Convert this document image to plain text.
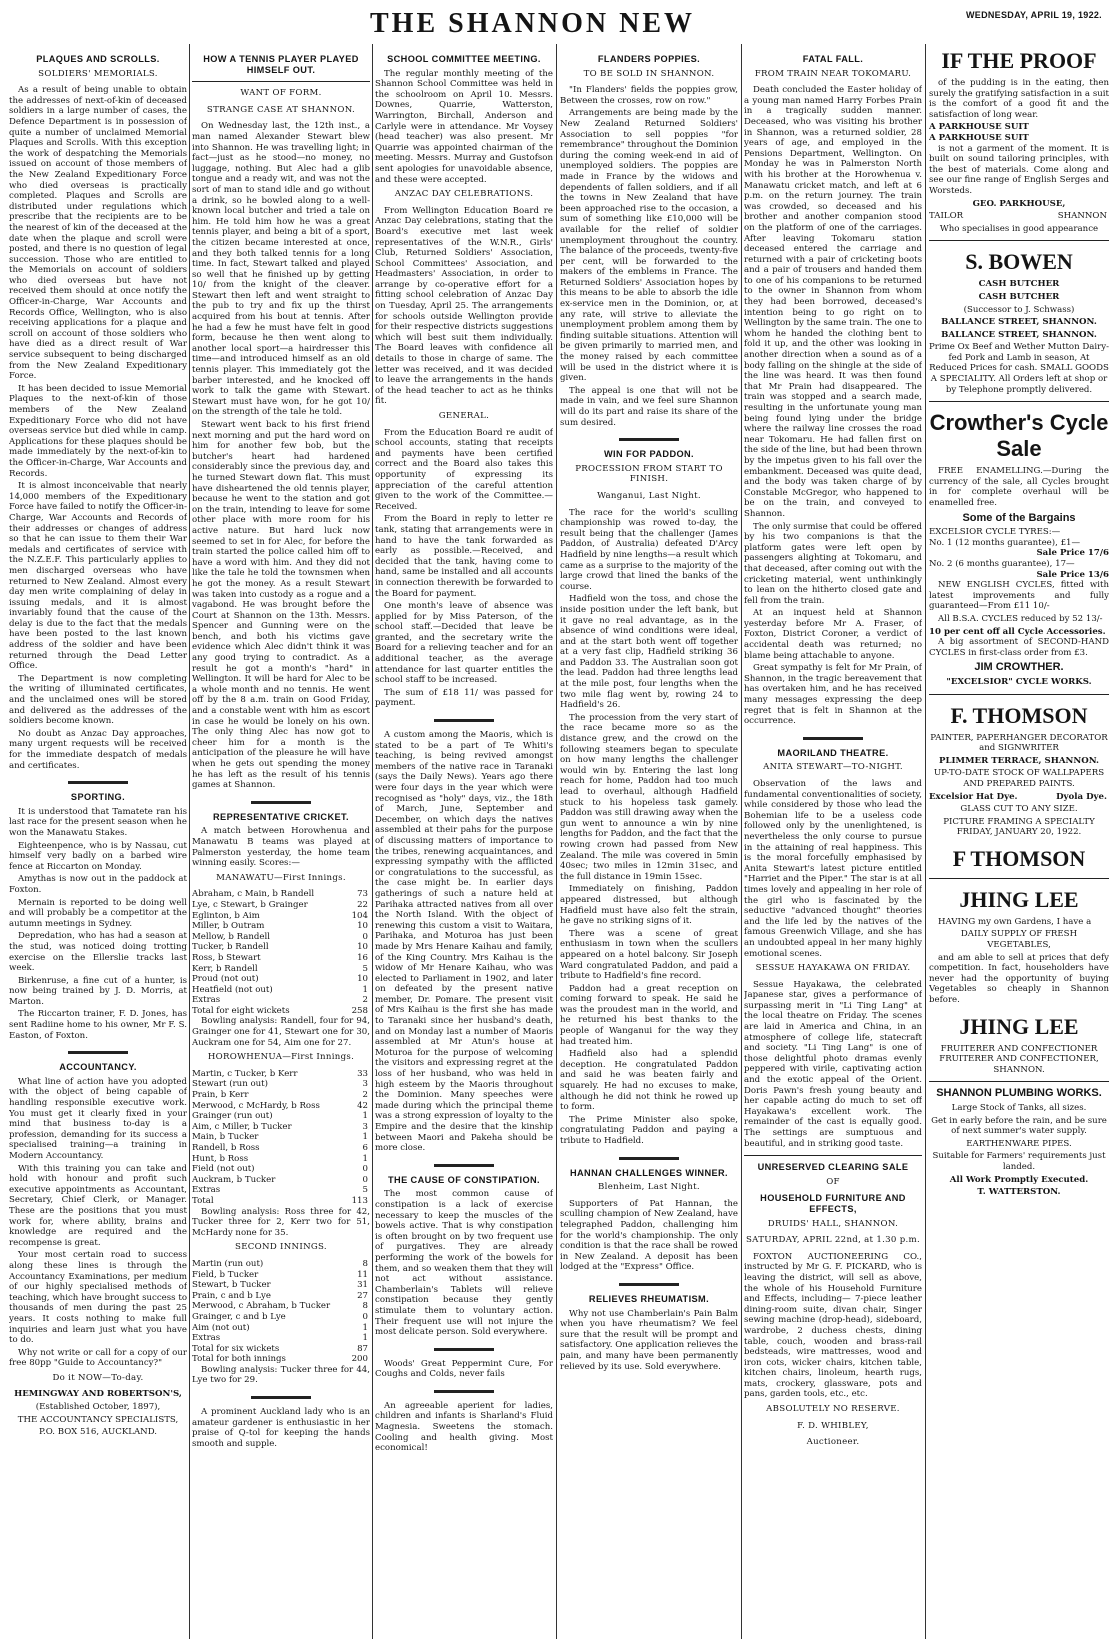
THE SHANNON NEW	WEDNESDAY, APRIL 19, 1922.
PLAQUES AND SCROLLS.
SOLDIERS' MEMORIALS.

As a result of being unable to obtain the addresses of next-of-kin of deceased soldiers in a large number of cases, the Defence Department is in possession of quite a number of unclaimed Memorial Plaques and Scrolls. With this exception the work of despatching the Memorials issued on account of those members of the New Zealand Expeditionary Force who died overseas is practically completed. Plaques and Scrolls are distributed under regulations which prescribe that the recipients are to be the nearest of kin of the deceased at the date when the plaque and scroll were posted, and there is no question of legal succession. Those who are entitled to the Memorials on account of soldiers who died overseas but have not received them should at once notify the Officer-in-Charge, War Accounts and Records Office, Wellington, who is also receiving applications for a plaque and scroll on account of those soldiers who have died as a direct result of War service subsequent to being discharged from the New Zealand Expeditionary Force.

It has been decided to issue Memorial Plaques to the next-of-kin of those members of the New Zealand Expeditionary Force who did not have overseas service but died while in camp. Applications for these plaques should be made immediately by the next-of-kin to the Officer-in-Charge, War Accounts and Records.

It is almost inconceivable that nearly 14,000 members of the Expeditionary Force have failed to notify the Officer-in-Charge, War Accounts and Records of their addresses or changes of address so that he can issue to them their War medals and certificates of service with the N.Z.E.F. This particularly applies to men discharged overseas who have returned to New Zealand. Almost every day men write complaining of delay in issuing medals, and it is almost invariably found that the cause of the delay is due to the fact that the medals have been posted to the last known address of the soldier and have been returned through the Dead Letter Office.

The Department is now completing the writing of illuminated certificates, and the unclaimed ones will be stored and delivered as the addresses of the soldiers become known.

No doubt as Anzac Day approaches, many urgent requests will be received for the immediate despatch of medals and certificates.

SPORTING.

It is understood that Tamatete ran his last race for the present season when he won the Manawatu Stakes.

Eighteenpence, who is by Nassau, cut himself very badly on a barbed wire fence at Riccarton on Monday.

Amythas is now out in the paddock at Foxton.

Mernain is reported to be doing well and will probably be a competitor at the autumn meetings in Sydney.

Depredation, who has had a season at the stud, was noticed doing trotting exercise on the Ellerslie tracks last week.

Birkenruse, a fine cut of a hunter, is now being trained by J. D. Morris, at Marton.

The Riccarton trainer, F. D. Jones, has sent Radiine home to his owner, Mr F. S. Easton, of Foxton.

ACCOUNTANCY.

What line of action have you adopted with the object of being capable of handling responsible executive work. You must get it clearly fixed in your mind that business to-day is a profession, demanding for its success a specialised training—a training in Modern Accountancy.

With this training you can take and hold with honour and profit such executive appointments as Accountant, Secretary, Chief Clerk, or Manager. These are the positions that you must work for, where ability, brains and knowledge are required and the recompense is great.

Your most certain road to success along these lines is through the Accountancy Examinations, per medium of our highly specialised methods of teaching, which have brought success to thousands of men during the past 25 years. It costs nothing to make full inquiries and learn just what you have to do.

Why not write or call for a copy of our free 80pp "Guide to Accountancy?"

Do it NOW—To-day.
HEMINGWAY AND ROBERTSON'S,
(Established October, 1897),
THE ACCOUNTANCY SPECIALISTS,
P.O. BOX 516, AUCKLAND.
HOW A TENNIS PLAYER PLAYED HIMSELF OUT.
WANT OF FORM.
STRANGE CASE AT SHANNON.

On Wednesday last, the 12th inst., a man named Alexander Stewart blew into Shannon. He was travelling light; in fact—just as he stood—no money, no luggage, nothing. But Alec had a glib tongue and a ready wit, and was not the sort of man to stand idle and go without a drink, so he bowled along to a well-known local butcher and tried a tale on him. He told him how he was a great tennis player, and being a bit of a sport, the citizen became interested at once, and they both talked tennis for a long time. In fact, Stewart talked and played so well that he finished up by getting 10/ from the knight of the cleaver. Stewart then left and went straight to the pub to try and fix up the thirst acquired from his bout at tennis. After he had a few he must have felt in good form, because he then went along to another local sport—a hairdresser this time—and introduced himself as an old tennis player. This immediately got the barber interested, and he knocked off work to talk the game with Stewart. Stewart must have won, for he got 10/ on the strength of the tale he told.

Stewart went back to his first friend next morning and put the hard word on him for another few bob, but the butcher's heart had hardened considerably since the previous day, and he turned Stewart down flat. This must have disheartened the old tennis player, because he went to the station and got on the train, intending to leave for some other place with more room for his active nature. But hard luck now seemed to set in for Alec, for before the train started the police called him off to have a word with him. And they did not like the tale he told the townsmen when he got the money. As a result Stewart was taken into custody as a rogue and a vagabond. He was brought before the Court at Shannon on the 13th. Messrs. Spencer and Gunning were on the bench, and both his victims gave evidence which Alec didn't think it was any good trying to contradict. As a result he got a month's "hard" in Wellington. It will be hard for Alec to be a whole month and no tennis. He went off by the 8 a.m. train on Good Friday, and a constable went with him as escort in case he would be lonely on his own. The only thing Alec has now got to cheer him for a month is the anticipation of the pleasure he will have when he gets out spending the money he has left as the result of his tennis games at Shannon.

REPRESENTATIVE CRICKET.

A match between Horowhenua and Manawatu B teams was played at Palmerston yesterday, the home team winning easily. Scores:—

MANAWATU—First Innings.
Abraham, c Main, b Randell	73
Lye, c Stewart, b Grainger	22
Eglinton, b Aim	104
Miller, b Outram	10
Mellow, b Randell	0
Tucker, b Randell	10
Ross, b Stewart	16
Kerr, b Randell	5
Proud (not out)	10
Heatfield (not out)	1
Extras	2
Total for eight wickets	258

Bowling analysis: Randell, four for 94, Grainger one for 41, Stewart one for 30, Auckram one for 54, Aim one for 27.

HOROWHENUA—First Innings.
Martin, c Tucker, b Kerr	33
Stewart (run out)	3
Prain, b Kerr	2
Merwood, c McHardy, b Ross	42
Grainger (run out)	1
Aim, c Miller, b Tucker	3
Main, b Tucker	1
Randell, b Ross	6
Hunt, b Ross	1
Field (not out)	0
Auckram, b Tucker	0
Extras	5
Total	113

Bowling analysis: Ross three for 42, Tucker three for 2, Kerr two for 51, McHardy none for 35.

SECOND INNINGS.
Martin (run out)	8
Field, b Tucker	11
Stewart, b Tucker	31
Prain, c and b Lye	27
Merwood, c Abraham, b Tucker	8
Grainger, c and b Lye	0
Aim (not out)	1
Extras	1
Total for six wickets	87
Total for both innings	200

Bowling analysis: Tucker three for 44, Lye two for 29.

A prominent Auckland lady who is an amateur gardener is enthusiastic in her praise of Q-tol for keeping the hands smooth and supple.

SCHOOL COMMITTEE MEETING.

The regular monthly meeting of the Shannon School Committee was held in the schoolroom on April 10. Messrs. Downes, Quarrie, Watterston, Warrington, Birchall, Anderson and Carlyle were in attendance. Mr Voysey (head teacher) was also present. Mr Quarrie was appointed chairman of the meeting. Messrs. Murray and Gustofson sent apologies for unavoidable absence, and these were accepted.

ANZAC DAY CELEBRATIONS.

From Wellington Education Board re Anzac Day celebrations, stating that the Board's executive met last week representatives of the W.N.R., Girls' Club, Returned Soldiers' Association, School Committees' Association, and Headmasters' Association, in order to arrange by co-operative effort for a fitting school celebration of Anzac Day on Tuesday, April 25. The arrangements for schools outside Wellington provide for their respective districts suggestions which will best suit them individually. The Board leaves with confidence all details to those in charge of same. The letter was received, and it was decided to leave the arrangements in the hands of the head teacher to act as he thinks fit.

GENERAL.

From the Education Board re audit of school accounts, stating that receipts and payments have been certified correct and the Board also takes this opportunity of expressing its appreciation of the careful attention given to the work of the Committee.—Received.

From the Board in reply to letter re tank, stating that arrangements were in hand to have the tank forwarded as early as possible.—Received, and decided that the tank, having come to hand, same be installed and all accounts in connection therewith be forwarded to the Board for payment.

One month's leave of absence was applied for by Miss Paterson, of the school staff.—Decided that leave be granted, and the secretary write the Board for a relieving teacher and for an additional teacher, as the average attendance for last quarter entitles the school staff to be increased.

The sum of £18 11/ was passed for payment.

A custom among the Maoris, which is stated to be a part of Te Whiti's teaching, is being revived amongst members of the native race in Taranaki (says the Daily News). Years ago there were four days in the year which were recognised as "holy" days, viz., the 18th of March, June, September and December, on which days the natives assembled at their pahs for the purpose of discussing matters of importance to the tribes, renewing acquaintances, and expressing sympathy with the afflicted or congratulations to the successful, as the case might be. In earlier days gatherings of such a nature held at Parihaka attracted natives from all over the North Island. With the object of renewing this custom a visit to Waitara, Parihaka, and Moturoa has just been made by Mrs Henare Kaihau and family, of the King Country. Mrs Kaihau is the widow of Mr Henare Kaihau, who was elected to Parliament in 1902, and later on defeated by the present native member, Dr. Pomare. The present visit of Mrs Kaihau is the first she has made to Taranaki since her husband's death, and on Monday last a number of Maoris assembled at Mr Atun's house at Moturoa for the purpose of welcoming the visitors and expressing regret at the loss of her husband, who was held in high esteem by the Maoris throughout the Dominion. Many speeches were made during which the principal theme was a strong expression of loyalty to the Empire and the desire that the kinship between Maori and Pakeha should be more close.

THE CAUSE OF CONSTIPATION.

The most common cause of constipation is a lack of exercise necessary to keep the muscles of the bowels active. That is why constipation is often brought on by two frequent use of purgatives. They are already performing the work of the bowels for them, and so weaken them that they will not act without assistance. Chamberlain's Tablets will relieve constipation because they gently stimulate them to voluntary action. Their frequent use will not injure the most delicate person. Sold everywhere.

Woods' Great Peppermint Cure, For Coughs and Colds, never fails

An agreeable aperient for ladies, children and infants is Sharland's Fluid Magnesia. Sweetens the stomach. Cooling and health giving. Most economical!

FLANDERS POPPIES.
TO BE SOLD IN SHANNON.

"In Flanders' fields the poppies grow, Between the crosses, row on row."

Arrangements are being made by the New Zealand Returned Soldiers' Association to sell poppies "for remembrance" throughout the Dominion during the coming week-end in aid of unemployed soldiers. The poppies are made in France by the widows and dependents of fallen soldiers, and if all the towns in New Zealand that have been approached rise to the occasion, a sum of something like £10,000 will be available for the relief of soldier unemployment throughout the country. The balance of the proceeds, twenty-five per cent, will be forwarded to the makers of the emblems in France. The Returned Soldiers' Association hopes by this means to be able to absorb the idle ex-service men in the Dominion, or, at any rate, will strive to alleviate the unemployment problem among them by finding suitable situations. Attention will be given primarily to married men, and the money raised by each committee will be used in the district where it is given.

The appeal is one that will not be made in vain, and we feel sure Shannon will do its part and raise its share of the sum desired.

WIN FOR PADDON.
PROCESSION FROM START TO FINISH.
Wanganui, Last Night.

The race for the world's sculling championship was rowed to-day, the result being that the challenger (James Paddon, of Australia) defeated D'Arcy Hadfield by nine lengths—a result which came as a surprise to the majority of the large crowd that lined the banks of the course.

Hadfield won the toss, and chose the inside position under the left bank, but it gave no real advantage, as in the absence of wind conditions were ideal, and at the start both went off together at a very fast clip, Hadfield striking 36 and Paddon 33. The Australian soon got the lead. Paddon had three lengths lead at the mile post, four lengths when the two mile flag went by, rowing 24 to Hadfield's 26.

The procession from the very start of the race became more so as the distance grew, and the crowd on the following steamers began to speculate on how many lengths the challenger would win by. Entering the last long reach for home, Paddon had too much lead to overhaul, although Hadfield stuck to his hopeless task gamely. Paddon was still drawing away when the gun went to announce a win by nine lengths for Paddon, and the fact that the rowing crown had passed from New Zealand. The mile was covered in 5min 40sec; two miles in 12min 31sec, and the full distance in 19min 15sec.

Immediately on finishing, Paddon appeared distressed, but although Hadfield must have also felt the strain, he gave no striking signs of it.

There was a scene of great enthusiasm in town when the scullers appeared on a hotel balcony. Sir Joseph Ward congratulated Paddon, and paid a tribute to Hadfield's fine record.

Paddon had a great reception on coming forward to speak. He said he was the proudest man in the world, and he returned his best thanks to the people of Wanganui for the way they had treated him.

Hadfield also had a splendid deception. He congratulated Paddon and said he was beaten fairly and squarely. He had no excuses to make, although he did not think he rowed up to form.

The Prime Minister also spoke, congratulating Paddon and paying a tribute to Hadfield.

HANNAN CHALLENGES WINNER.
Blenheim, Last Night.

Supporters of Pat Hannan, the sculling champion of New Zealand, have telegraphed Paddon, challenging him for the world's championship. The only condition is that the race shall be rowed in New Zealand. A deposit has been lodged at the "Express" Office.

RELIEVES RHEUMATISM.

Why not use Chamberlain's Pain Balm when you have rheumatism? We feel sure that the result will be prompt and satisfactory. One application relieves the pain, and many have been permanently relieved by its use. Sold everywhere.

FATAL FALL.
FROM TRAIN NEAR TOKOMARU.

Death concluded the Easter holiday of a young man named Harry Forbes Prain in a tragically sudden manner. Deceased, who was visiting his brother in Shannon, was a returned soldier, 28 years of age, and employed in the Pensions Department, Wellington. On Monday he was in Palmerston North with his brother at the Horowhenua v. Manawatu cricket match, and left at 6 p.m. on the return journey. The train was crowded, so deceased and his brother and another companion stood on the platform of one of the carriages. After leaving Tokomaru station deceased entered the carriage and returned with a pair of cricketing boots and a pair of trousers and handed them to one of his companions to be returned to the owner in Shannon from whom they had been borrowed, deceased's intention being to go right on to Wellington by the same train. The one to whom he handed the clothing bent to fold it up, and the other was looking in another direction when a sound as of a body falling on the shingle at the side of the line was heard. It was then found that Mr Prain had disappeared. The train was stopped and a search made, resulting in the unfortunate young man being found lying under the bridge where the railway line crosses the road near Tokomaru. He had fallen first on the side of the line, but had been thrown by the impetus given to his fall over the embankment. Deceased was quite dead, and the body was taken charge of by Constable McGregor, who happened to be on the train, and conveyed to Shannon.

The only surmise that could be offered by his two companions is that the platform gates were left open by passengers alighting at Tokomaru, and that deceased, after coming out with the cricketing material, went unthinkingly to lean on the hitherto closed gate and fell from the train.

At an inquest held at Shannon yesterday before Mr A. Fraser, of Foxton, District Coroner, a verdict of accidental death was returned; no blame being attachable to anyone.

Great sympathy is felt for Mr Prain, of Shannon, in the tragic bereavement that has overtaken him, and he has received many messages expressing the deep regret that is felt in Shannon at the occurrence.

MAORILAND THEATRE.
ANITA STEWART—TO-NIGHT.

Observation of the laws and fundamental conventionalities of society, while considered by those who lead the Bohemian life to be a useless code followed only by the unenlightened, is nevertheless the only course to pursue in the attaining of real happiness. This is the moral forcefully emphasised by Anita Stewart's latest picture entitled "Harriet and the Piper." The star is at all times lovely and appealing in her role of the girl who is fascinated by the seductive "advanced thought" theories and the life led by the natives of the famous Greenwich Village, and she has an undoubted appeal in her many highly emotional scenes.

SESSUE HAYAKAWA ON FRIDAY.

Sessue Hayakawa, the celebrated Japanese star, gives a performance of surpassing merit in "Li Ting Lang" at the local theatre on Friday. The scenes are laid in America and China, in an atmosphere of college life, statecraft and society. "Li Ting Lang" is one of those delightful photo dramas evenly peppered with virile, captivating action and the exotic appeal of the Orient. Doris Pawn's fresh young beauty and her capable acting do much to set off Hayakawa's excellent work. The remainder of the cast is equally good. The settings are sumptuous and beautiful, and in striking good taste.

UNRESERVED CLEARING SALE
OF
HOUSEHOLD FURNITURE AND EFFECTS,
DRUIDS' HALL, SHANNON.
SATURDAY, APRIL 22nd, at 1.30 p.m.

FOXTON AUCTIONEERING CO., instructed by Mr G. F. PICKARD, who is leaving the district, will sell as above, the whole of his Household Furniture and Effects, including— 7-piece leather dining-room suite, divan chair, Singer sewing machine (drop-head), sideboard, wardrobe, 2 duchess chests, dining table, couch, wooden and brass-rail bedsteads, wire mattresses, wood and iron cots, wicker chairs, kitchen table, kitchen chairs, linoleum, hearth rugs, mats, crockery, glassware, pots and pans, garden tools, etc., etc.

ABSOLUTELY NO RESERVE.
F. D. WHIBLEY,
Auctioneer.
IF THE PROOF

of the pudding is in the eating, then surely the gratifying satisfaction in a suit is the comfort of a good fit and the satisfaction of long wear.

A PARKHOUSE SUIT
A PARKHOUSE SUIT

is not a garment of the moment. It is built on sound tailoring principles, with the best of materials. Come along and see our fine range of English Serges and Worsteds.

GEO. PARKHOUSE,
TAILOR	SHANNON
Who specialises in good appearance
S. BOWEN
CASH BUTCHER
CASH BUTCHER
(Successor to J. Schwass)
BALLANCE STREET, SHANNON.
BALLANCE STREET, SHANNON.
Prime Ox Beef and Wether Mutton Dairy-fed Pork and Lamb in season, At Reduced Prices for cash. SMALL GOODS A SPECIALITY. All Orders left at shop or by Telephone promptly delivered.
Crowther's Cycle Sale

FREE ENAMELLING.—During the currency of the sale, all Cycles brought in for complete overhaul will be enamelled free.

Some of the Bargains
EXCELSIOR CYCLE TYRES:—
No. 1 (12 months guarantee), £1—
Sale Price 17/6
No. 2 (6 months guarantee), 17—
Sale Price 13/6

NEW ENGLISH CYCLES, fitted with latest improvements and fully guaranteed—From £11 10/-

All B.S.A. CYCLES reduced by 52 13/-

10 per cent off all Cycle Accessories.

A big assortment of SECOND-HAND CYCLES in first-class order from £3.

JIM CROWTHER.
"EXCELSIOR" CYCLE WORKS.
F. THOMSON
PAINTER, PAPERHANGER DECORATOR and SIGNWRITER
PLIMMER TERRACE, SHANNON.
UP-TO-DATE STOCK OF WALLPAPERS AND PREPARED PAINTS.
Excelsior Hat Dye.	Dyola Dye.
GLASS CUT TO ANY SIZE.
PICTURE FRAMING A SPECIALTY FRIDAY, JANUARY 20, 1922.
F THOMSON
JHING LEE

HAVING my own Gardens, I have a

DAILY SUPPLY OF FRESH VEGETABLES,

and am able to sell at prices that defy competition. In fact, householders have never had the opportunity of buying Vegetables so cheaply in Shannon before.

JHING LEE
FRUITERER AND CONFECTIONER FRUITERER AND CONFECTIONER, SHANNON.
SHANNON PLUMBING WORKS.
Large Stock of Tanks, all sizes.
Get in early before the rain, and be sure of next summer's water supply.
EARTHENWARE PIPES.
Suitable for Farmers' requirements just landed.
All Work Promptly Executed.
T. WATTERSTON.
